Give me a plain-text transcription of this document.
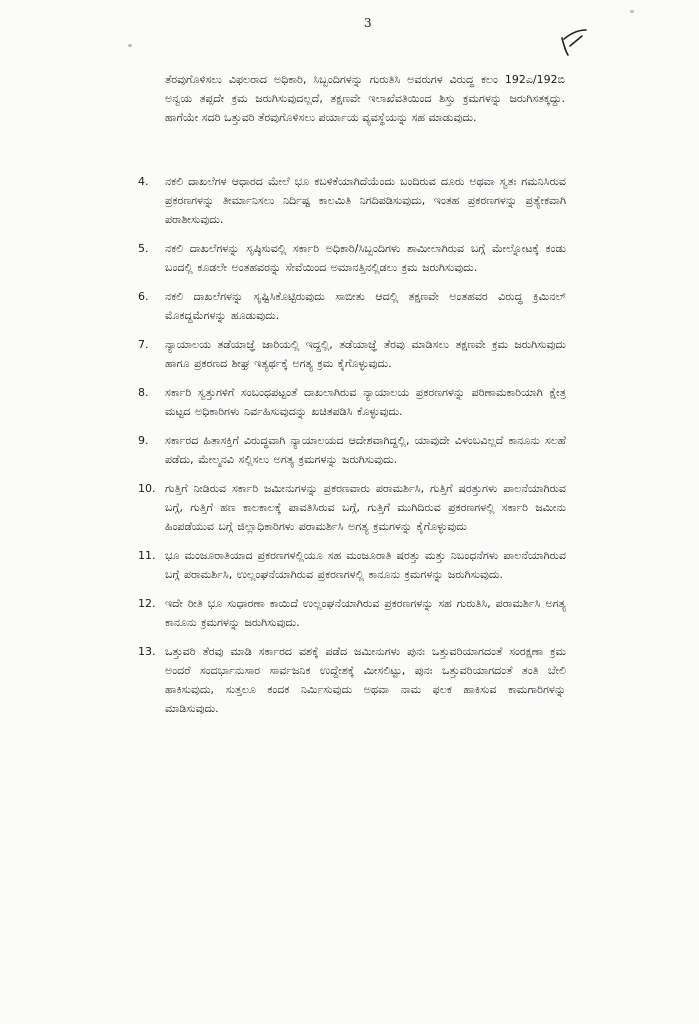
3
ತೆರವುಗೊಳಿಸಲು ವಿಫಲರಾದ ಅಧಿಕಾರಿ, ಸಿಬ್ಬಂದಿಗಳನ್ನು ಗುರುತಿಸಿ ಅವರುಗಳ ವಿರುದ್ಧ ಕಲಂ 192ಎ/192ಬಿ ಅನ್ವಯ ತಪ್ಪದೇ ಕ್ರಮ ಜರುಗಿಸುವುದಲ್ಲದೆ, ತಕ್ಷಣವೇ ಇಲಾಖೆವತಿಯಿಂದ ಶಿಸ್ತು ಕ್ರಮಗಳನ್ನು ಜರುಗಿಸತಕ್ಕದ್ದು. ಹಾಗೆಯೇ ಸದರಿ ಒತ್ತುವರಿ ತೆರವುಗೊಳಿಸಲು ಪರ್ಯಾಯ ವ್ಯವಸ್ಥೆಯನ್ನು ಸಹ ಮಾಡುವುದು.
4.	ನಕಲಿ ದಾಖಲೆಗಳ ಆಧಾರದ ಮೇಲೆ ಭೂ ಕಬಳಿಕೆಯಾಗಿದೆಯೆಂದು ಬಂದಿರುವ ದೂರು ಅಥವಾ ಸ್ವತಃ ಗಮನಿಸಿರುವ ಪ್ರಕರಣಗಳನ್ನು ತೀರ್ಮಾನಿಸಲು ನಿರ್ದಿಷ್ಟ ಕಾಲಮಿತಿ ನಿಗದಿಪಡಿಸುವುದು, ಇಂತಹ ಪ್ರಕರಣಗಳನ್ನು ಪ್ರತ್ಯೇಕವಾಗಿ ಪರಾಶೀಸುವುದು.
5.	ನಕಲಿ ದಾಖಲೆಗಳನ್ನು ಸೃಷ್ಠಿಸುವಲ್ಲಿ ಸರ್ಕಾರಿ ಅಧಿಕಾರಿ/ಸಿಬ್ಬಂದಿಗಳು ಶಾಮೀಲಾಗಿರುವ ಬಗ್ಗೆ ಮೇಲ್ನೋಟಕ್ಕೆ ಕಂಡು ಬಂದಲ್ಲಿ ಕೂಡಲೇ ಅಂತಹವರನ್ನು ಸೇವೆಯಿಂದ ಅಮಾನತ್ತಿನಲ್ಲಿಡಲು ಕ್ರಮ ಜರುಗಿಸುವುದು.
6.	ನಕಲಿ ದಾಖಲೆಗಳನ್ನು ಸೃಷ್ಟಿಸಿಕೊಟ್ಟಿರುವುದು ಸಾಬೀತು ಆದಲ್ಲಿ ತಕ್ಷಣವೇ ಅಂತಹವರ ವಿರುದ್ಧ ಕ್ರಿಮಿನಲ್ ಮೊಕದ್ದಮೆಗಳನ್ನು ಹೂಡುವುದು.
7.	ನ್ಯಾಯಾಲಯ ತಡೆಯಾಜ್ಞೆ ಜಾರಿಯಲ್ಲಿ ಇದ್ದಲ್ಲಿ, ತಡೆಯಾಜ್ಞೆ ತೆರವು ಮಾಡಿಸಲು ತಕ್ಷಣವೇ ಕ್ರಮ ಜರುಗಿಸುವುದು ಹಾಗೂ ಪ್ರಕರಣದ ಶೀಘ್ರ ಇತ್ಯರ್ಥಕ್ಕೆ ಅಗತ್ಯ ಕ್ರಮ ಕೈಗೊಳ್ಳುವುದು.
8.	ಸರ್ಕಾರಿ ಸ್ವತ್ತುಗಳಿಗೆ ಸಂಬಂಧಪಟ್ಟಂತೆ ದಾಖಲಾಗಿರುವ ನ್ಯಾಯಾಲಯ ಪ್ರಕರಣಗಳನ್ನು ಪರಿಣಾಮಕಾರಿಯಾಗಿ ಕ್ಷೇತ್ರ ಮಟ್ಟದ ಅಧಿಕಾರಿಗಳು ನಿರ್ವಹಿಸುವುದನ್ನು ಖಚಿತಪಡಿಸಿ ಕೊಳ್ಳುವುದು.
9.	ಸರ್ಕಾರದ ಹಿತಾಸಕ್ತಿಗೆ ವಿರುದ್ಧವಾಗಿ ನ್ಯಾಯಾಲಯದ ಆದೇಶವಾಗಿದ್ದಲ್ಲಿ, ಯಾವುದೇ ವಿಳಂಬವಿಲ್ಲದೆ ಕಾನೂನು ಸಲಹೆ ಪಡೆದು, ಮೇಲ್ಮನವಿ ಸಲ್ಲಿಸಲು ಅಗತ್ಯ ಕ್ರಮಗಳನ್ನು ಜರುಗಿಸುವುದು.
10. ಗುತ್ತಿಗೆ ನೀಡಿರುವ ಸರ್ಕಾರಿ ಜಮೀನುಗಳನ್ನು ಪ್ರಕರಣವಾರು ಪರಾಮರ್ಶಿಸಿ, ಗುತ್ತಿಗೆ ಷರತ್ತುಗಳು ಪಾಲನೆಯಾಗಿರುವ ಬಗ್ಗೆ, ಗುತ್ತಿಗೆ ಹಣ ಕಾಲಕಾಲಕ್ಕೆ ಪಾವತಿಸಿರುವ ಬಗ್ಗೆ, ಗುತ್ತಿಗೆ ಮುಗಿದಿರುವ ಪ್ರಕರಣಗಳಲ್ಲಿ ಸರ್ಕಾರಿ ಜಮೀನು ಹಿಂಪಡೆಯುವ ಬಗ್ಗೆ ಜಿಲ್ಲಾಧಿಕಾರಿಗಳು ಪರಾಮರ್ಶಿಸಿ ಅಗತ್ಯ ಕ್ರಮಗಳನ್ನು ಕೈಗೊಳ್ಳುವುದು
11. ಭೂ ಮಂಜೂರಾತಿಯಾದ ಪ್ರಕರಣಗಳಲ್ಲಿಯೂ ಸಹ ಮಂಜೂರಾತಿ ಷರತ್ತು ಮತ್ತು ನಿಬಂಧನೆಗಳು ಪಾಲನೆಯಾಗಿರುವ ಬಗ್ಗೆ ಪರಾಮರ್ಶಿಸಿ, ಉಲ್ಲಂಘನೆಯಾಗಿರುವ ಪ್ರಕರಣಗಳಲ್ಲಿ ಕಾನೂನು ಕ್ರಮಗಳನ್ನು ಜರುಗಿಸುವುದು.
12. ಇದೇ ರೀತಿ ಭೂ ಸುಧಾರಣಾ ಕಾಯಿದೆ ಉಲ್ಲಂಘನೆಯಾಗಿರುವ ಪ್ರಕರಣಗಳನ್ನು ಸಹ ಗುರುತಿಸಿ, ಪರಾಮರ್ಶಿಸಿ ಅಗತ್ಯ ಕಾನೂನು ಕ್ರಮಗಳನ್ನು ಜರುಗಿಸುವುದು.
13. ಒತ್ತುವರಿ ತೆರವು ಮಾಡಿ ಸರ್ಕಾರದ ವಶಕ್ಕೆ ಪಡೆದ ಜಮೀನುಗಳು ಪುನಃ ಒತ್ತುವರಿಯಾಗದಂತೆ ಸಂರಕ್ಷಣಾ ಕ್ರಮ ಅಂದರೆ ಸಂದರ್ಭಾನುಸಾರ ಸಾರ್ವಜನಿಕ ಉದ್ದೇಶಕ್ಕೆ ಮೀಸಲಿಟ್ಟು, ಪುನಃ ಒತ್ತುವರಿಯಾಗದಂತೆ ತಂತಿ ಬೇಲಿ ಹಾಕಿಸುವುದು, ಸುತ್ತಲೂ ಕಂದಕ ನಿರ್ಮಿಸುವುದು ಅಥವಾ ನಾಮ ಫಲಕ ಹಾಕಿಸುವ ಕಾಮಗಾರಿಗಳನ್ನು ಮಾಡಿಸುವುದು.
